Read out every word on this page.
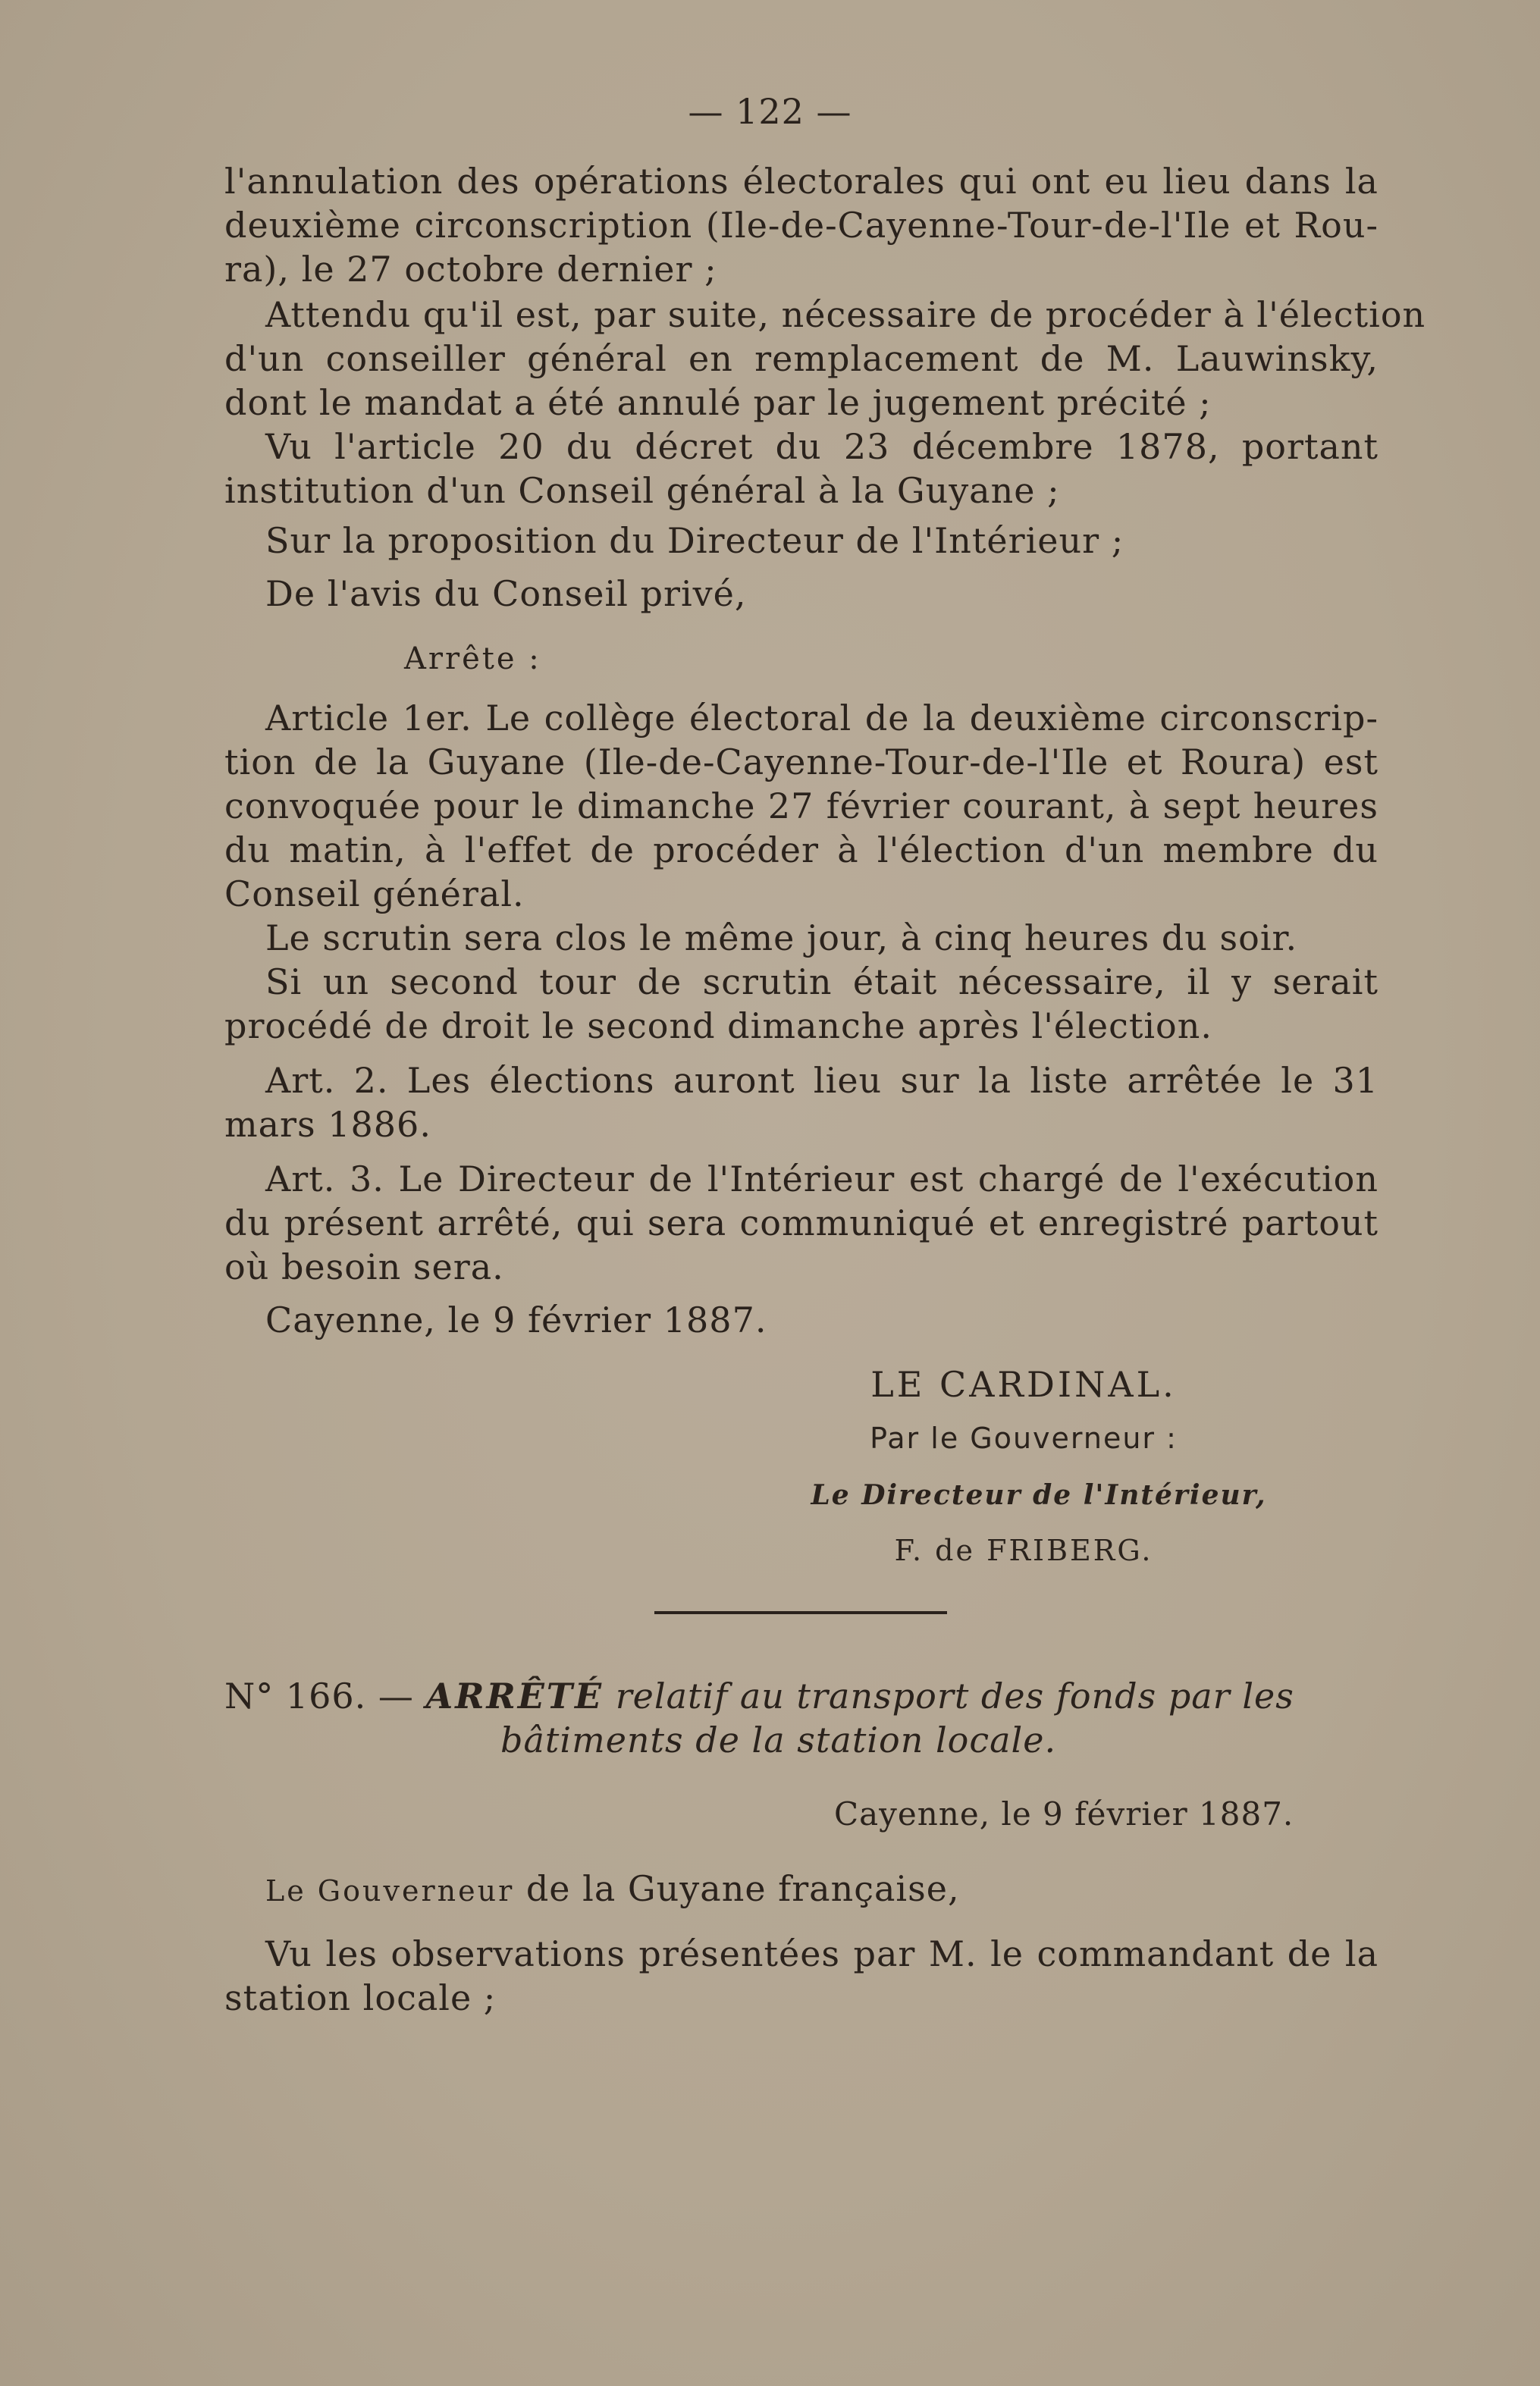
— 122 —
l'annulation des opérations électorales qui ont eu lieu dans la
deuxième circonscription (Ile-de-Cayenne-Tour-de-l'Ile et Rou-
ra), le 27 octobre dernier ;
Attendu qu'il est, par suite, nécessaire de procéder à l'élection
d'un conseiller général en remplacement de M. Lauwinsky,
dont le mandat a été annulé par le jugement précité ;
Vu l'article 20 du décret du 23 décembre 1878, portant
institution d'un Conseil général à la Guyane ;
Sur la proposition du Directeur de l'Intérieur ;
De l'avis du Conseil privé,
Arrête :
Article 1er. Le collège électoral de la deuxième circonscrip-
tion de la Guyane (Ile-de-Cayenne-Tour-de-l'Ile et Roura) est
convoquée pour le dimanche 27 février courant, à sept heures
du matin, à l'effet de procéder à l'élection d'un membre du
Conseil général.
Le scrutin sera clos le même jour, à cinq heures du soir.
Si un second tour de scrutin était nécessaire, il y serait
procédé de droit le second dimanche après l'élection.
Art. 2. Les élections auront lieu sur la liste arrêtée le 31
mars 1886.
Art. 3. Le Directeur de l'Intérieur est chargé de l'exécution
du présent arrêté, qui sera communiqué et enregistré partout
où besoin sera.
Cayenne, le 9 février 1887.
LE CARDINAL.
Par le Gouverneur :
Le Directeur de l'Intérieur,
F. de FRIBERG.
N° 166. — ARRÊTÉ relatif au transport des fonds par les
bâtiments de la station locale.
Cayenne, le 9 février 1887.
Le Gouverneur de la Guyane française,
Vu les observations présentées par M. le commandant de la
station locale ;
